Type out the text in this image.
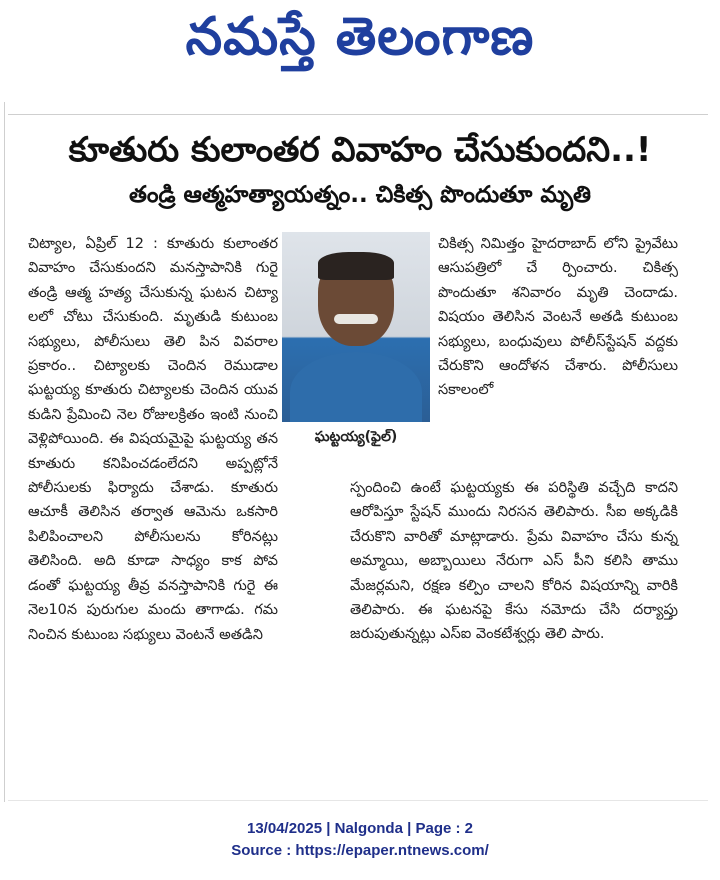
నమస్తే తెలంగాణ
కూతురు కులాంతర వివాహం చేసుకుందని..!
తండ్రి ఆత్మహత్యాయత్నం.. చికిత్స పొందుతూ మృతి

చిట్యాల, ఏప్రిల్ 12 : కూతురు కులాంతర వివాహం చేసుకుందని మనస్తాపానికి గురై తండ్రి ఆత్మ హత్య చేసుకున్న ఘటన చిట్యా లలో చోటు చేసుకుంది. మృతుడి కుటుంబ సభ్యులు, పోలీసులు తెలి పిన వివరాల ప్రకారం.. చిట్యాలకు చెందిన రెముడాల ఘట్టయ్య కూతురు చిట్యాలకు చెందిన యువ కుడిని ప్రేమించి నెల రోజులక్రితం ఇంటి నుంచి వెళ్లిపోయింది. ఈ విషయమైపై ఘట్టయ్య తన కూతురు కనిపించడంలేదని అప్పట్లోనే పోలీసులకు ఫిర్యాదు చేశాడు. కూతురు ఆచూకీ తెలిసిన తర్వాత ఆమెను ఒకసారి పిలిపించాలని పోలీసులను కోరినట్లు తెలిసింది. అది కూడా సాధ్యం కాక పోవ డంతో ఘట్టయ్య తీవ్ర వనస్తాపానికి గురై ఈ నెల10న పురుగుల మందు తాగాడు. గమ నించిన కుటుంబ సభ్యులు వెంటనే అతడిని

ఘట్టయ్య(ఫైల్)

చికిత్స నిమిత్తం హైదరాబాద్ లోని ప్రైవేటు ఆసుపత్రిలో చే ర్పించారు. చికిత్స పొందుతూ శనివారం మృతి చెందాడు. విషయం తెలిసిన వెంటనే అతడి కుటుంబ సభ్యులు, బంధువులు పోలీస్‌స్టేషన్ వద్దకు చేరుకొని ఆందోళన చేశారు. పోలీసులు సకాలంలో

స్పందించి ఉంటే ఘట్టయ్యకు ఈ పరిస్థితి వచ్చేది కాదని ఆరోపిస్తూ స్టేషన్ ముందు నిరసన తెలిపారు. సీఐ అక్కడికి చేరుకొని వారితో మాట్లాడారు. ప్రేమ వివాహం చేసు కున్న అమ్మాయి, అబ్బాయిలు నేరుగా ఎస్ పీని కలిసి తాము మేజర్లమని, రక్షణ కల్పిం చాలని కోరిన విషయాన్ని వారికి తెలిపారు. ఈ ఘటనపై కేసు నమోదు చేసి దర్యాప్తు జరుపుతున్నట్లు ఎస్ఐ వెంకటేశ్వర్లు తెలి పారు.

13/04/2025 | Nalgonda | Page : 2
Source : https://epaper.ntnews.com/
